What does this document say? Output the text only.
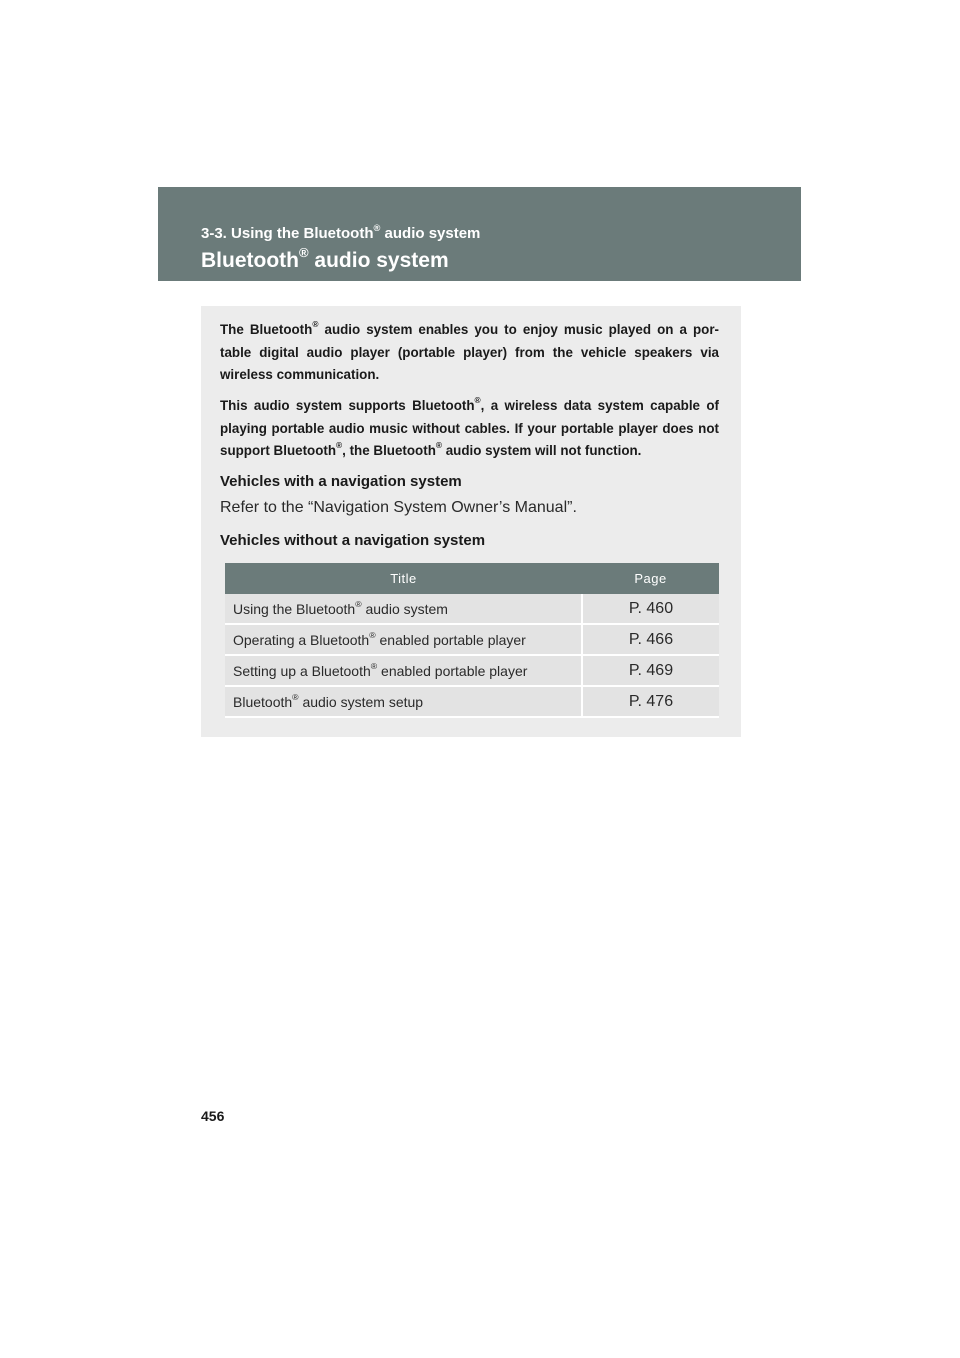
3-3. Using the Bluetooth® audio system
Bluetooth® audio system

The Bluetooth® audio system enables you to enjoy music played on a por-table digital audio player (portable player) from the vehicle speakers via wireless communication.

This audio system supports Bluetooth®, a wireless data system capable of playing portable audio music without cables. If your portable player does not support Bluetooth®, the Bluetooth® audio system will not function.

Vehicles with a navigation system
Refer to the “Navigation System Owner’s Manual”.
Vehicles without a navigation system
Title	Page
Using the Bluetooth® audio system	P. 460
Operating a Bluetooth® enabled portable player	P. 466
Setting up a Bluetooth® enabled portable player	P. 469
Bluetooth® audio system setup	P. 476
456
